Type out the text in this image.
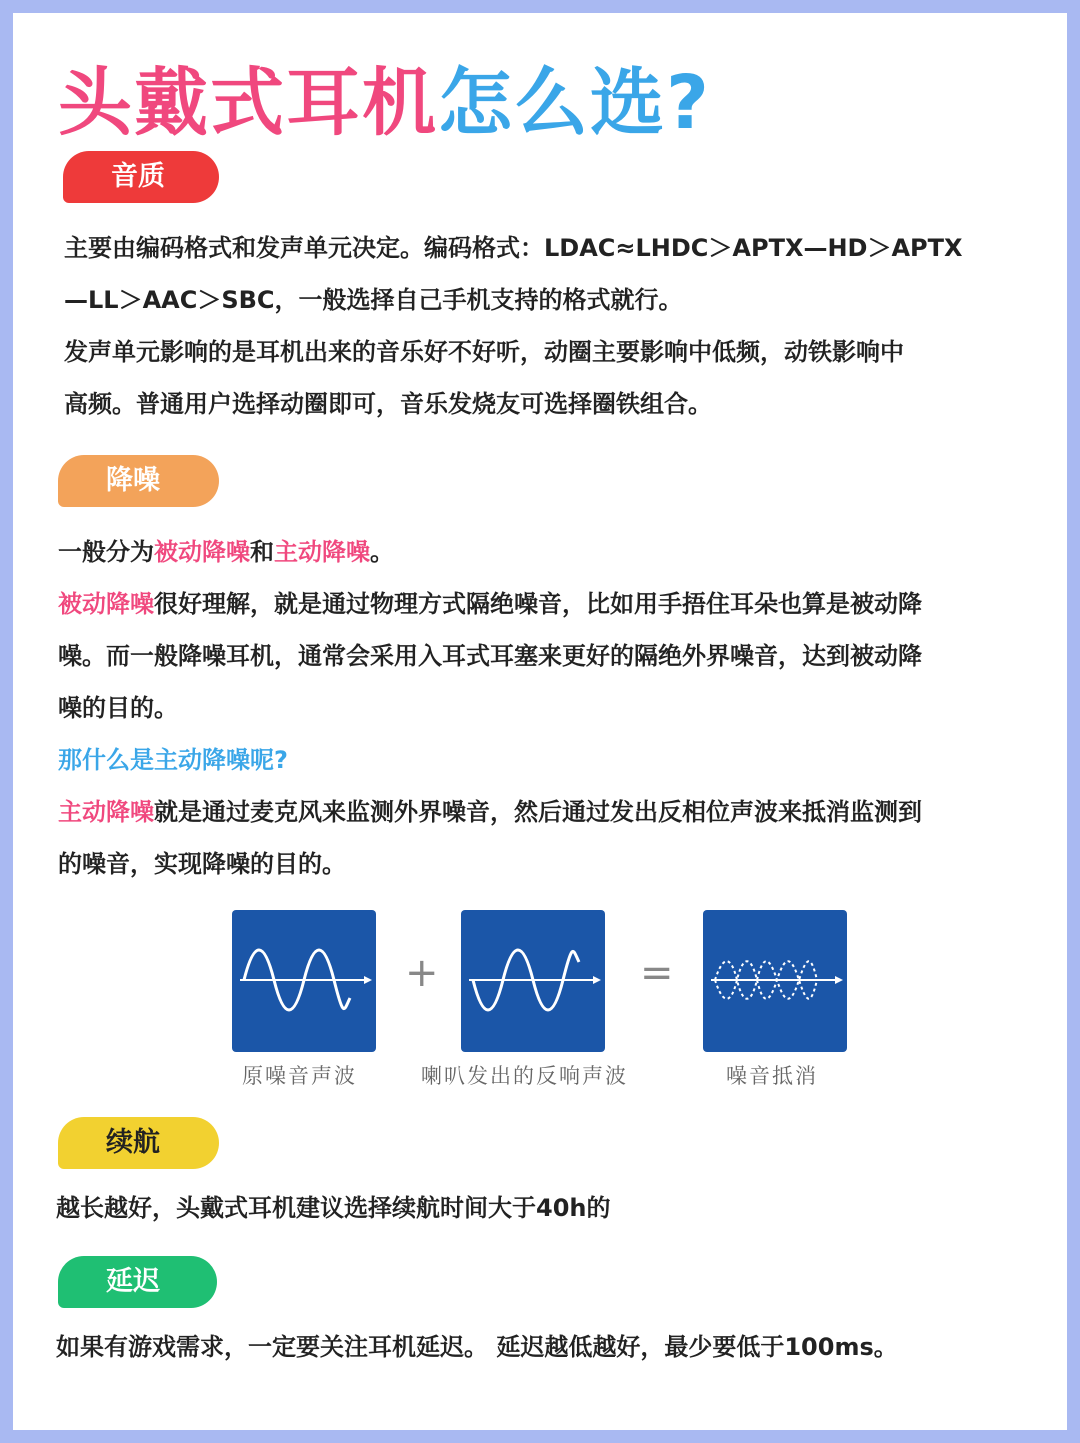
头戴式耳机怎么选?
音质
主要由编码格式和发声单元决定。编码格式：LDAC≈LHDC＞APTX—HD＞APTX
—LL＞AAC＞SBC，一般选择自己手机支持的格式就行。
发声单元影响的是耳机出来的音乐好不好听，动圈主要影响中低频，动铁影响中
高频。普通用户选择动圈即可，音乐发烧友可选择圈铁组合。
降噪
一般分为被动降噪和主动降噪。
被动降噪很好理解，就是通过物理方式隔绝噪音，比如用手捂住耳朵也算是被动降
噪。而一般降噪耳机，通常会采用入耳式耳塞来更好的隔绝外界噪音，达到被动降
噪的目的。
那什么是主动降噪呢?
主动降噪就是通过麦克风来监测外界噪音，然后通过发出反相位声波来抵消监测到
的噪音，实现降噪的目的。
+	=
原噪音声波	喇叭发出的反响声波	噪音抵消
续航
越长越好，头戴式耳机建议选择续航时间大于40h的
延迟
如果有游戏需求，一定要关注耳机延迟。 延迟越低越好，最少要低于100ms。
